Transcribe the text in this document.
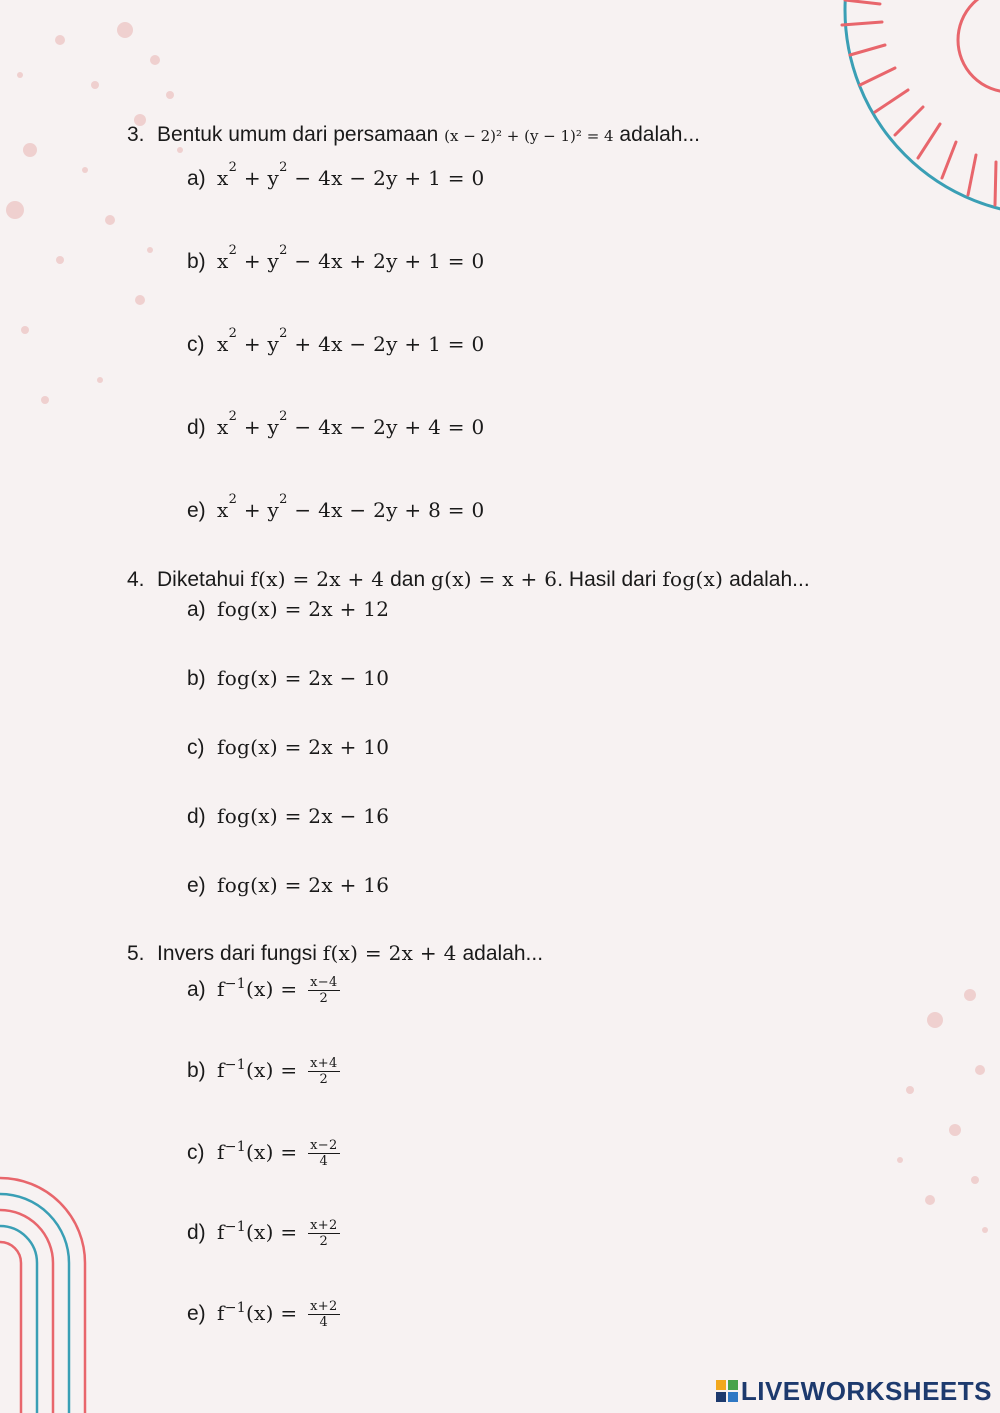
3. Bentuk umum dari persamaan (x − 2)² + (y − 1)² = 4 adalah...
a) $x^2 + y^2 - 4x - 2y + 1 = 0$
b) $x^2 + y^2 - 4x + 2y + 1 = 0$
c) $x^2 + y^2 + 4x - 2y + 1 = 0$
d) $x^2 + y^2 - 4x - 2y + 4 = 0$
e) $x^2 + y^2 - 4x - 2y + 8 = 0$
4. Diketahui f(x) = 2x + 4 dan g(x) = x + 6. Hasil dari fog(x) adalah...
a) fog(x) = 2x + 12
b) fog(x) = 2x − 10
c) fog(x) = 2x + 10
d) fog(x) = 2x − 16
e) fog(x) = 2x + 16
5. Invers dari fungsi f(x) = 2x + 4 adalah...
a) $f^{-1}(x) = \frac{x-4}{2}$
b) $f^{-1}(x) = \frac{x+4}{2}$
c) $f^{-1}(x) = \frac{x-2}{4}$
d) $f^{-1}(x) = \frac{x+2}{2}$
e) $f^{-1}(x) = \frac{x+2}{4}$
LIVEWORKSHEETS
